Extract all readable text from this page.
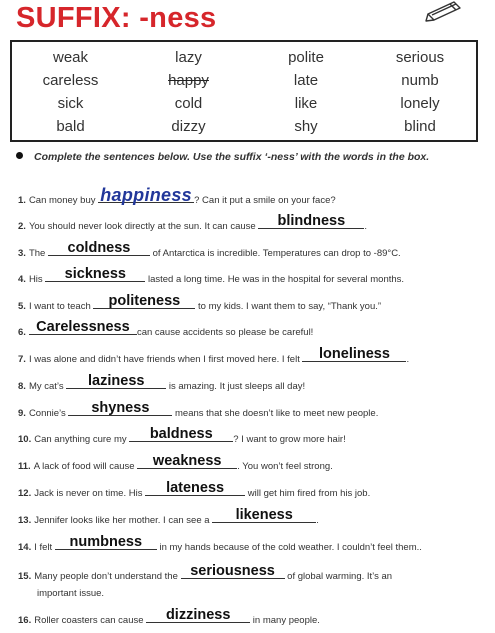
SUFFIX: -ness
weak	lazy	polite	serious
careless	happy	late	numb
sick	cold	like	lonely
bald	dizzy	shy	blind
Complete the sentences below. Use the suffix ‘-ness’ with the words in the box.
1. Can money buy happiness ? Can it put a smile on your face?
2. You should never look directly at the sun. It can cause	blindness	.
3. The	coldness	of Antarctica is incredible. Temperatures can drop to -89°C.
4. His	sickness	lasted a long time. He was in the hospital for several months.
5. I want to teach	politeness	to my kids. I want them to say, “Thank you.”
6. Carelessness can cause accidents so please be careful!
7. I was alone and didn’t have friends when I first moved here. I felt	loneliness	.
8. My cat’s	laziness	is amazing. It just sleeps all day!
9. Connie’s	shyness	means that she doesn’t like to meet new people.
10. Can anything cure my	baldness	? I want to grow more hair!
11. A lack of food will cause	weakness	. You won’t feel strong.
12. Jack is never on time. His	lateness	will get him fired from his job.
13. Jennifer looks like her mother. I can see a	likeness	.
14. I felt	numbness	in my hands because of the cold weather. I couldn’t feel them..
15. Many people don’t understand the seriousness	of global warming. It’s an
important issue.
16. Roller coasters can cause	dizziness	in many people.
